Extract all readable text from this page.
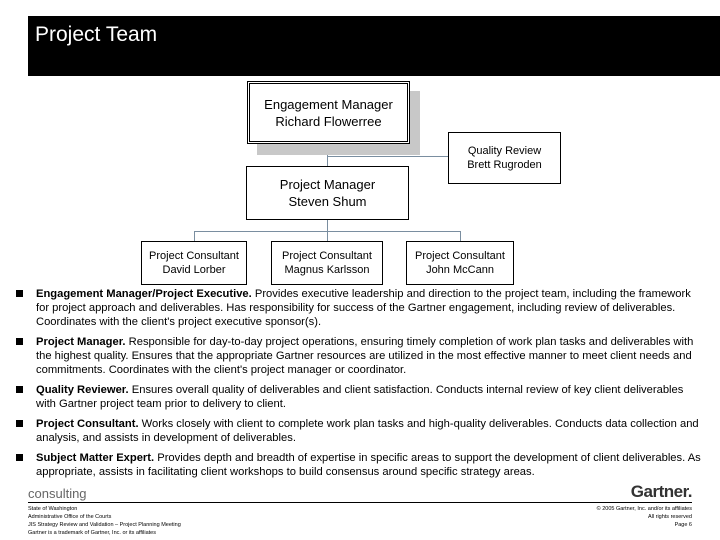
Project Team
Engagement Manager
Richard Flowerree
Quality Review
Brett Rugroden
Project Manager
Steven Shum
Project Consultant
David Lorber
Project Consultant
Magnus Karlsson
Project Consultant
John McCann
Engagement Manager/Project Executive. Provides executive leadership and direction to the project team, including the framework for project approach and deliverables. Has responsibility for success of the Gartner engagement, including review of deliverables. Coordinates with the client's project executive sponsor(s).
Project Manager. Responsible for day-to-day project operations, ensuring timely completion of work plan tasks and deliverables with the highest quality. Ensures that the appropriate Gartner resources are utilized in the most effective manner to meet client needs and commitments. Coordinates with the client's project manager or coordinator.
Quality Reviewer. Ensures overall quality of deliverables and client satisfaction. Conducts internal review of key client deliverables with Gartner project team prior to delivery to client.
Project Consultant. Works closely with client to complete work plan tasks and high-quality deliverables. Conducts data collection and analysis, and assists in development of deliverables.
Subject Matter Expert. Provides depth and breadth of expertise in specific areas to support the development of client deliverables. As appropriate, assists in facilitating client workshops to build consensus around specific strategy areas.
consulting	Gartner.
State of Washington
Administrative Office of the Courts
JIS Strategy Review and Validation – Project Planning Meeting
Gartner is a trademark of Gartner, Inc. or its affiliates
© 2005 Gartner, Inc. and/or its affiliates
All rights reserved
Page 6
